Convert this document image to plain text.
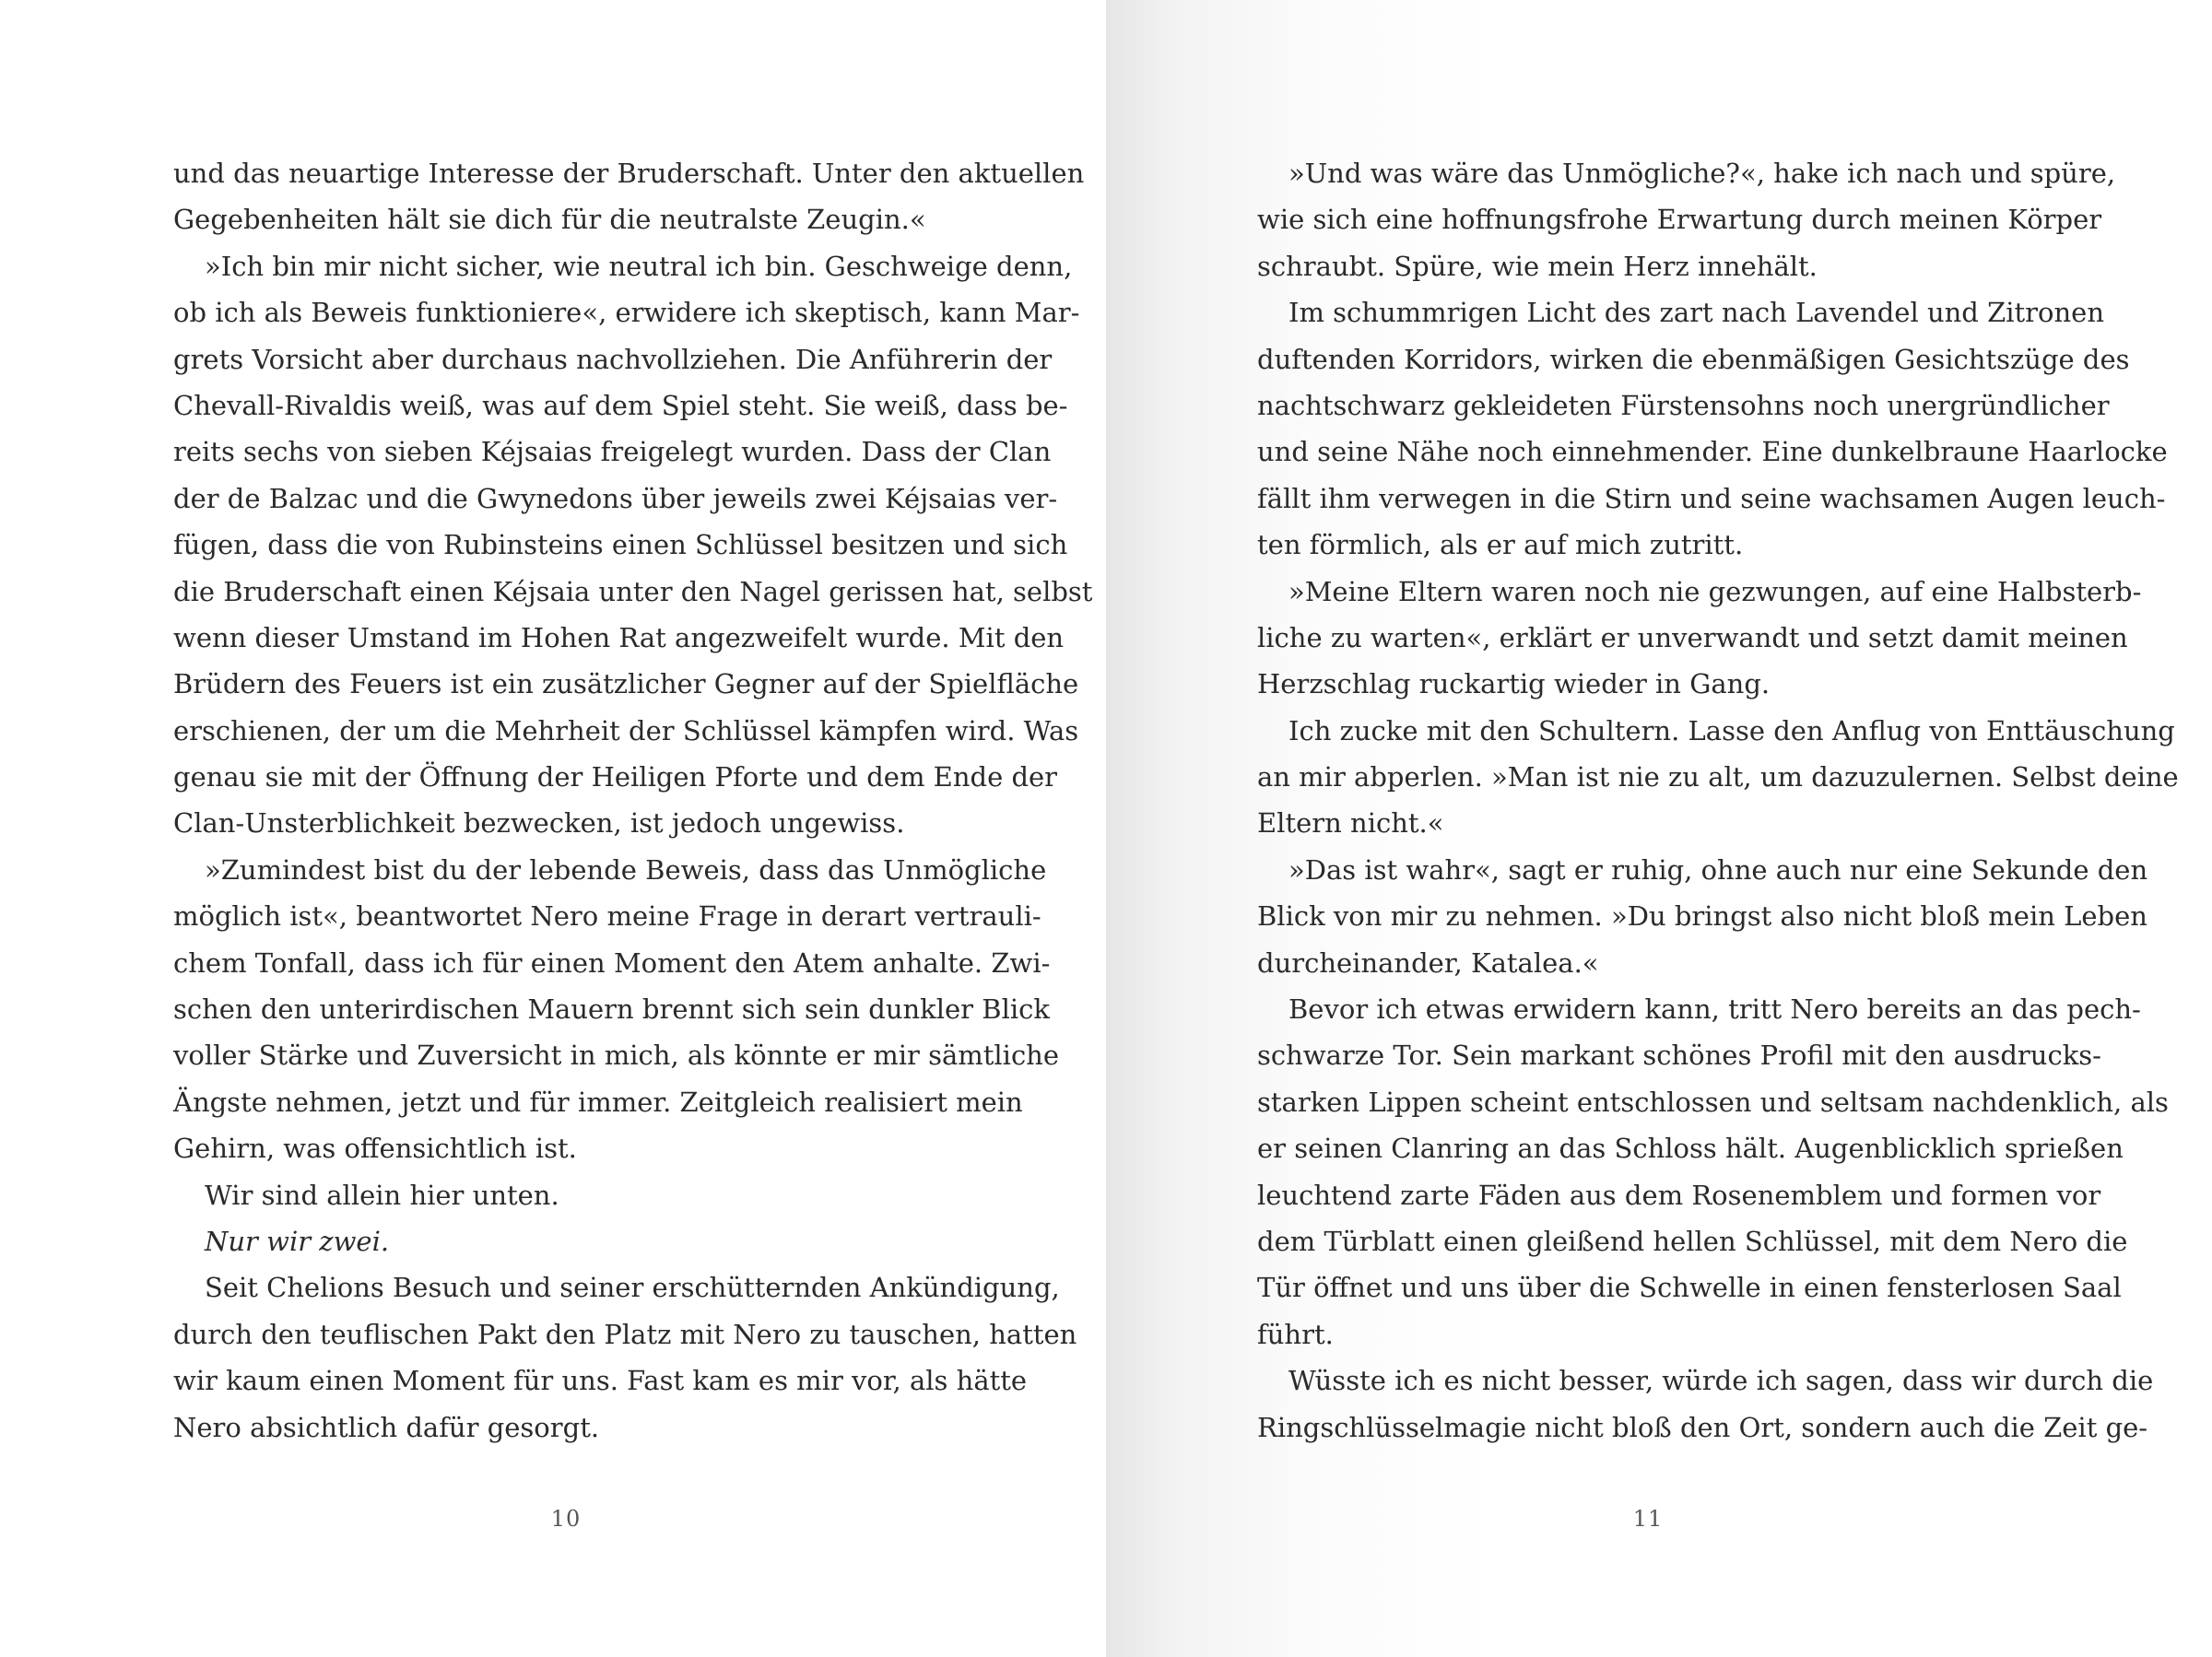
und das neuartige Interesse der Bruderschaft. Unter den aktuellen
Gegebenheiten hält sie dich für die neutralste Zeugin.«
»Ich bin mir nicht sicher, wie neutral ich bin. Geschweige denn,
ob ich als Beweis funktioniere«, erwidere ich skeptisch, kann Mar-
grets Vorsicht aber durchaus nachvollziehen. Die Anführerin der
Chevall-Rivaldis weiß, was auf dem Spiel steht. Sie weiß, dass be-
reits sechs von sieben Kéjsaias freigelegt wurden. Dass der Clan
der de Balzac und die Gwynedons über jeweils zwei Kéjsaias ver-
fügen, dass die von Rubinsteins einen Schlüssel besitzen und sich
die Bruderschaft einen Kéjsaia unter den Nagel gerissen hat, selbst
wenn dieser Umstand im Hohen Rat angezweifelt wurde. Mit den
Brüdern des Feuers ist ein zusätzlicher Gegner auf der Spielfläche
erschienen, der um die Mehrheit der Schlüssel kämpfen wird. Was
genau sie mit der Öffnung der Heiligen Pforte und dem Ende der
Clan-Unsterblichkeit bezwecken, ist jedoch ungewiss.
»Zumindest bist du der lebende Beweis, dass das Unmögliche
möglich ist«, beantwortet Nero meine Frage in derart vertrauli-
chem Tonfall, dass ich für einen Moment den Atem anhalte. Zwi-
schen den unterirdischen Mauern brennt sich sein dunkler Blick
voller Stärke und Zuversicht in mich, als könnte er mir sämtliche
Ängste nehmen, jetzt und für immer. Zeitgleich realisiert mein
Gehirn, was offensichtlich ist.
Wir sind allein hier unten.
Nur wir zwei.
Seit Chelions Besuch und seiner erschütternden Ankündigung,
durch den teuflischen Pakt den Platz mit Nero zu tauschen, hatten
wir kaum einen Moment für uns. Fast kam es mir vor, als hätte
Nero absichtlich dafür gesorgt.
10
»Und was wäre das Unmögliche?«, hake ich nach und spüre,
wie sich eine hoffnungsfrohe Erwartung durch meinen Körper
schraubt. Spüre, wie mein Herz innehält.
Im schummrigen Licht des zart nach Lavendel und Zitronen
duftenden Korridors, wirken die ebenmäßigen Gesichtszüge des
nachtschwarz gekleideten Fürstensohns noch unergründlicher
und seine Nähe noch einnehmender. Eine dunkelbraune Haarlocke
fällt ihm verwegen in die Stirn und seine wachsamen Augen leuch-
ten förmlich, als er auf mich zutritt.
»Meine Eltern waren noch nie gezwungen, auf eine Halbsterb-
liche zu warten«, erklärt er unverwandt und setzt damit meinen
Herzschlag ruckartig wieder in Gang.
Ich zucke mit den Schultern. Lasse den Anflug von Enttäuschung
an mir abperlen. »Man ist nie zu alt, um dazuzulernen. Selbst deine
Eltern nicht.«
»Das ist wahr«, sagt er ruhig, ohne auch nur eine Sekunde den
Blick von mir zu nehmen. »Du bringst also nicht bloß mein Leben
durcheinander, Katalea.«
Bevor ich etwas erwidern kann, tritt Nero bereits an das pech-
schwarze Tor. Sein markant schönes Profil mit den ausdrucks-
starken Lippen scheint entschlossen und seltsam nachdenklich, als
er seinen Clanring an das Schloss hält. Augenblicklich sprießen
leuchtend zarte Fäden aus dem Rosenemblem und formen vor
dem Türblatt einen gleißend hellen Schlüssel, mit dem Nero die
Tür öffnet und uns über die Schwelle in einen fensterlosen Saal
führt.
Wüsste ich es nicht besser, würde ich sagen, dass wir durch die
Ringschlüsselmagie nicht bloß den Ort, sondern auch die Zeit ge-
11
